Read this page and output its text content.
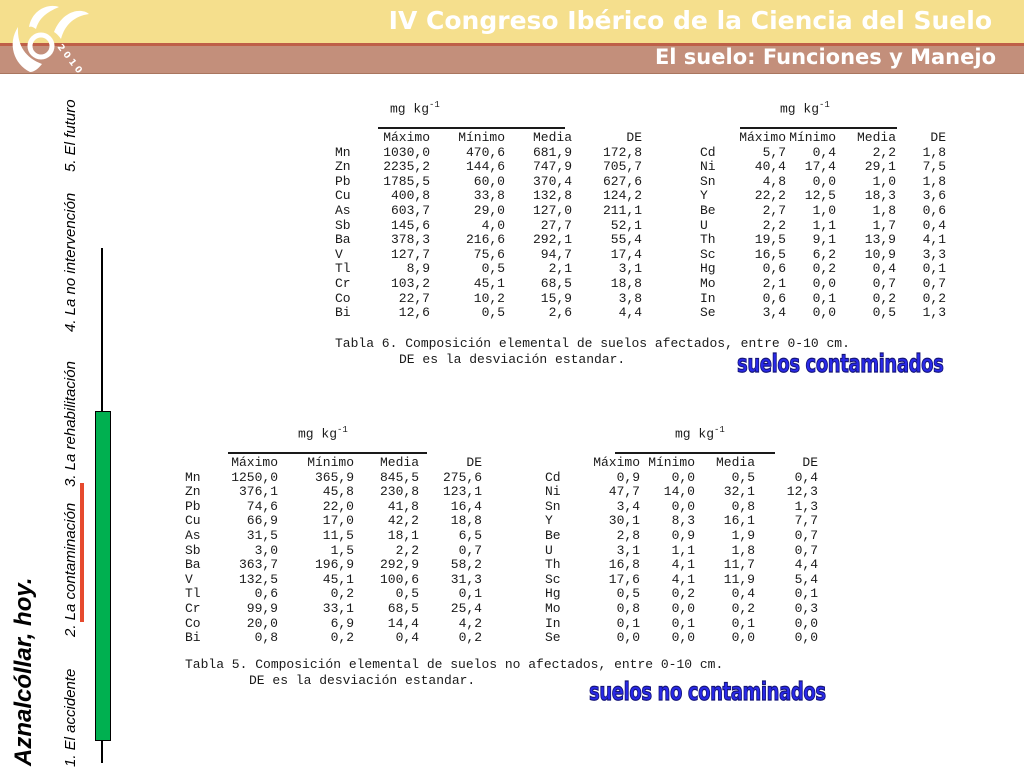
IV Congreso Ibérico de la Ciencia del Suelo
El suelo: Funciones y Manejo
2010
Aznalcóllar, hoy. 1. El accidente
2. La contaminación
3. La rehabilitación
4. La no intervención
5. El futuro	mg $kg^{-1}$
	Máximo	Mínimo	Media	DE
Mn	1030,0	470,6	681,9	172,8
Zn	2235,2	144,6	747,9	705,7
Pb	1785,5	60,0	370,4	627,6
Cu	400,8	33,8	132,8	124,2
As	603,7	29,0	127,0	211,1
Sb	145,6	4,0	27,7	52,1
Ba	378,3	216,6	292,1	55,4
V	127,7	75,6	94,7	17,4
Tl	8,9	0,5	2,1	3,1
Cr	103,2	45,1	68,5	18,8
Co	22,7	10,2	15,9	3,8
Bi	12,6	0,5	2,6	4,4
mg $kg^{-1}$
	Máximo	Mínimo	Media	DE
Cd	5,7	0,4	2,2	1,8
Ni	40,4	17,4	29,1	7,5
Sn	4,8	0,0	1,0	1,8
Y	22,2	12,5	18,3	3,6
Be	2,7	1,0	1,8	0,6
U	2,2	1,1	1,7	0,4
Th	19,5	9,1	13,9	4,1
Sc	16,5	6,2	10,9	3,3
Hg	0,6	0,2	0,4	0,1
Mo	2,1	0,0	0,7	0,7
In	0,6	0,1	0,2	0,2
Se	3,4	0,0	0,5	1,3
Tabla 6. Composición elemental de suelos afectados, entre 0-10 cm.
DE es la desviación estandar.	suelos contaminados
mg $kg^{-1}$
	Máximo	Mínimo	Media	DE
Mn	1250,0	365,9	845,5	275,6
Zn	376,1	45,8	230,8	123,1
Pb	74,6	22,0	41,8	16,4
Cu	66,9	17,0	42,2	18,8
As	31,5	11,5	18,1	6,5
Sb	3,0	1,5	2,2	0,7
Ba	363,7	196,9	292,9	58,2
V	132,5	45,1	100,6	31,3
Tl	0,6	0,2	0,5	0,1
Cr	99,9	33,1	68,5	25,4
Co	20,0	6,9	14,4	4,2
Bi	0,8	0,2	0,4	0,2
mg $kg^{-1}$
	Máximo	Mínimo	Media	DE
Cd	0,9	0,0	0,5	0,4
Ni	47,7	14,0	32,1	12,3
Sn	3,4	0,0	0,8	1,3
Y	30,1	8,3	16,1	7,7
Be	2,8	0,9	1,9	0,7
U	3,1	1,1	1,8	0,7
Th	16,8	4,1	11,7	4,4
Sc	17,6	4,1	11,9	5,4
Hg	0,5	0,2	0,4	0,1
Mo	0,8	0,0	0,2	0,3
In	0,1	0,1	0,1	0,0
Se	0,0	0,0	0,0	0,0
Tabla 5. Composición elemental de suelos no afectados, entre 0-10 cm.
DE es la desviación estandar.	suelos no contaminados
